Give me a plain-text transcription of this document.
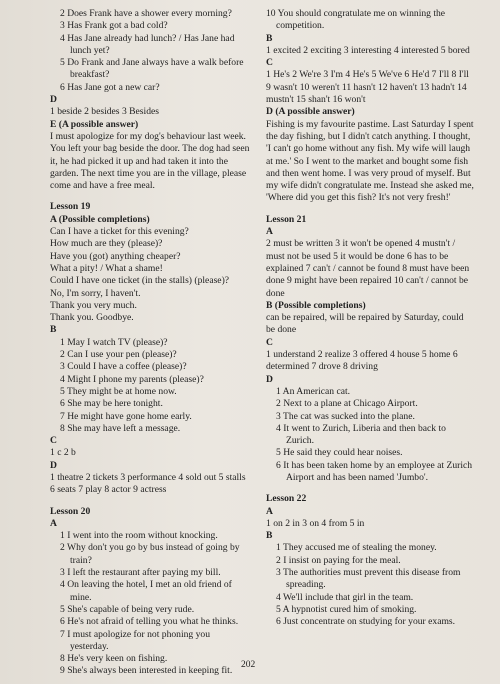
2 Does Frank have a shower every morning?
3 Has Frank got a bad cold?
4 Has Jane already had lunch? / Has Jane had lunch yet?
5 Do Frank and Jane always have a walk before breakfast?
6 Has Jane got a new car?
D
1 beside 2 besides 3 Besides
E (A possible answer)
I must apologize for my dog's behaviour last week. You left your bag beside the door. The dog had seen it, he had picked it up and had taken it into the garden. The next time you are in the village, please come and have a free meal.
Lesson 19
A (Possible completions)
Can I have a ticket for this evening?
How much are they (please)?
Have you (got) anything cheaper?
What a pity! / What a shame!
Could I have one ticket (in the stalls) (please)?
No, I'm sorry, I haven't.
Thank you very much.
Thank you. Goodbye.
B
1 May I watch TV (please)?
2 Can I use your pen (please)?
3 Could I have a coffee (please)?
4 Might I phone my parents (please)?
5 They might be at home now.
6 She may be here tonight.
7 He might have gone home early.
8 She may have left a message.
C
1 c 2 b
D
1 theatre 2 tickets 3 performance 4 sold out 5 stalls 6 seats 7 play 8 actor 9 actress
Lesson 20
A
1 I went into the room without knocking.
2 Why don't you go by bus instead of going by train?
3 I left the restaurant after paying my bill.
4 On leaving the hotel, I met an old friend of mine.
5 She's capable of being very rude.
6 He's not afraid of telling you what he thinks.
7 I must apologize for not phoning you yesterday.
8 He's very keen on fishing.
9 She's always been interested in keeping fit.
10 You should congratulate me on winning the competition.
B
1 excited 2 exciting 3 interesting 4 interested 5 bored
C
1 He's 2 We're 3 I'm 4 He's 5 We've 6 He'd 7 I'll 8 I'll 9 wasn't 10 weren't 11 hasn't 12 haven't 13 hadn't 14 mustn't 15 shan't 16 won't
D (A possible answer)
Fishing is my favourite pastime. Last Saturday I spent the day fishing, but I didn't catch anything. I thought, 'I can't go home without any fish. My wife will laugh at me.' So I went to the market and bought some fish and then went home. I was very proud of myself. But my wife didn't congratulate me. Instead she asked me, 'Where did you get this fish? It's not very fresh!'
Lesson 21
A
2 must be written 3 it won't be opened 4 mustn't / must not be used 5 it would be done 6 has to be explained 7 can't / cannot be found 8 must have been done 9 might have been repaired 10 can't / cannot be done
B (Possible completions)
can be repaired, will be repaired by Saturday, could be done
C
1 understand 2 realize 3 offered 4 house 5 home 6 determined 7 drove 8 driving
D
1 An American cat.
2 Next to a plane at Chicago Airport.
3 The cat was sucked into the plane.
4 It went to Zurich, Liberia and then back to Zurich.
5 He said they could hear noises.
6 It has been taken home by an employee at Zurich Airport and has been named 'Jumbo'.
Lesson 22
A
1 on 2 in 3 on 4 from 5 in
B
1 They accused me of stealing the money.
2 I insist on paying for the meal.
3 The authorities must prevent this disease from spreading.
4 We'll include that girl in the team.
5 A hypnotist cured him of smoking.
6 Just concentrate on studying for your exams.
202
